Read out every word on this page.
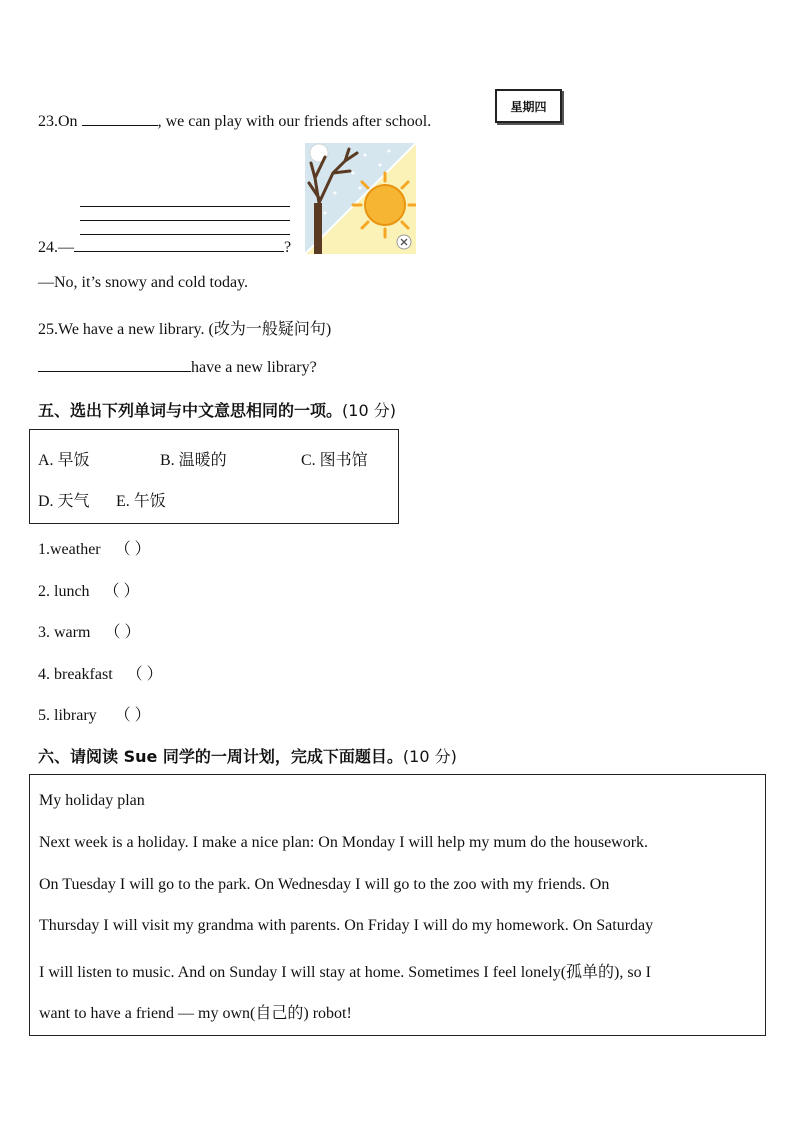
23.On	, we can play with our friends after school.
星期四
24.—	?
—No, it’s snowy and cold today.
25.We have a new library. (改为一般疑问句)
have a new library?
五、选出下列单词与中文意思相同的一项。(10 分)
A. 早饭	B. 温暖的	C. 图书馆
D. 天气 E. 午饭
1.weather （ ）
2. lunch （ ）
3. warm （ ）
4. breakfast （ ）
5. library （ ）
六、请阅读 Sue 同学的一周计划，完成下面题目。(10 分)
My holiday plan
Next week is a holiday. I make a nice plan: On Monday I will help my mum do the housework.
On Tuesday I will go to the park. On Wednesday I will go to the zoo with my friends. On
Thursday I will visit my grandma with parents. On Friday I will do my homework. On Saturday
I will listen to music. And on Sunday I will stay at home. Sometimes I feel lonely(孤单的), so I
want to have a friend — my own(自己的) robot!
